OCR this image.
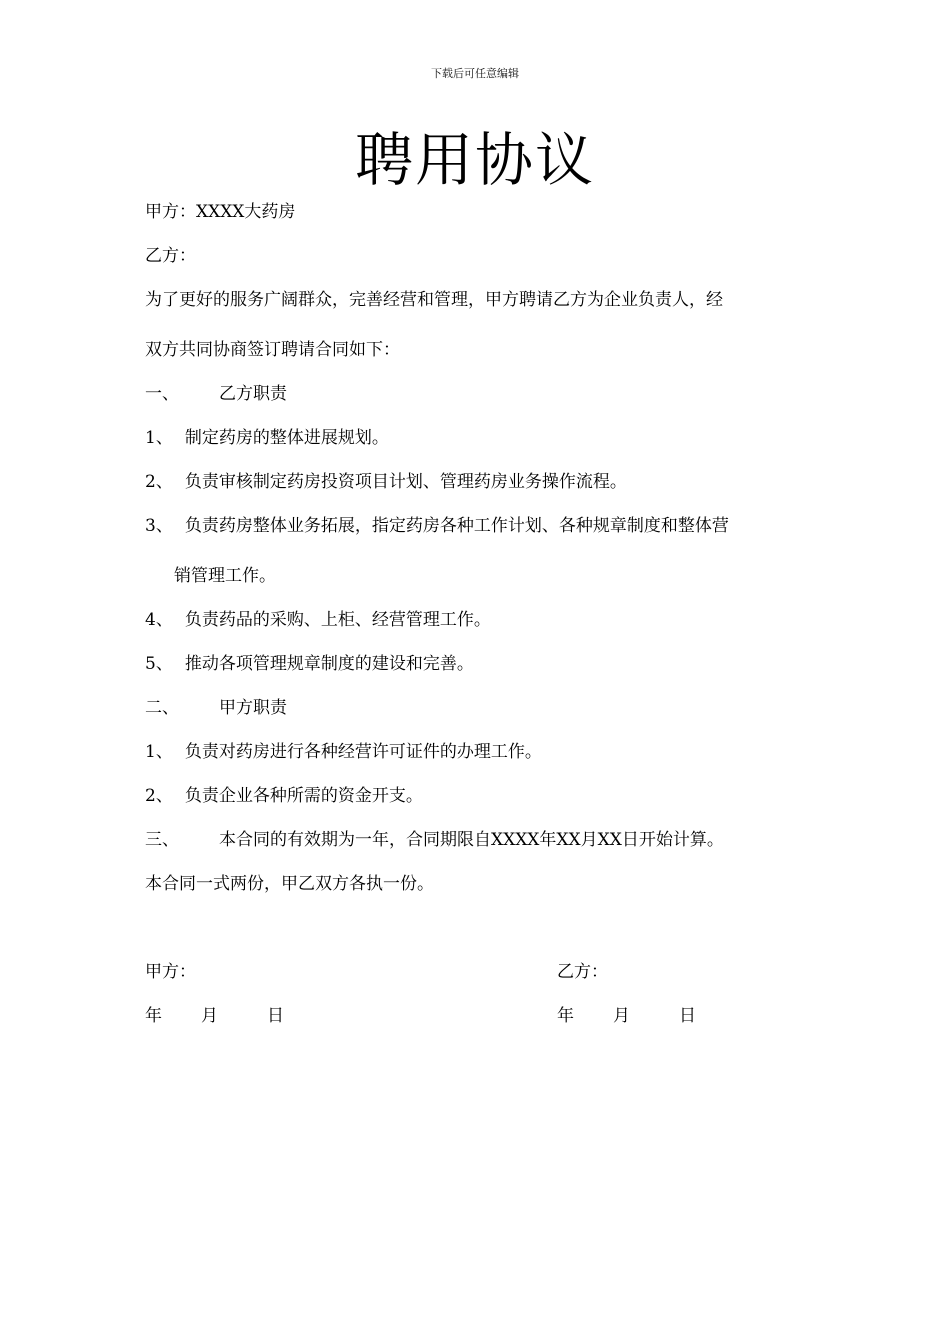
下载后可任意编辑
聘用协议
甲方：XXXX大药房
乙方：
为了更好的服务广阔群众，完善经营和管理，甲方聘请乙方为企业负责人，经
双方共同协商签订聘请合同如下：
一、 乙方职责
1、 制定药房的整体进展规划。
2、 负责审核制定药房投资项目计划、管理药房业务操作流程。
3、 负责药房整体业务拓展，指定药房各种工作计划、各种规章制度和整体营
销管理工作。
4、 负责药品的采购、上柜、经营管理工作。
5、 推动各项管理规章制度的建设和完善。
二、 甲方职责
1、 负责对药房进行各种经营许可证件的办理工作。
2、 负责企业各种所需的资金开支。
三、 本合同的有效期为一年，合同期限自XXXX年XX月XX日开始计算。
本合同一式两份，甲乙双方各执一份。
甲方：	乙方：
年 月	日	年 月	日
